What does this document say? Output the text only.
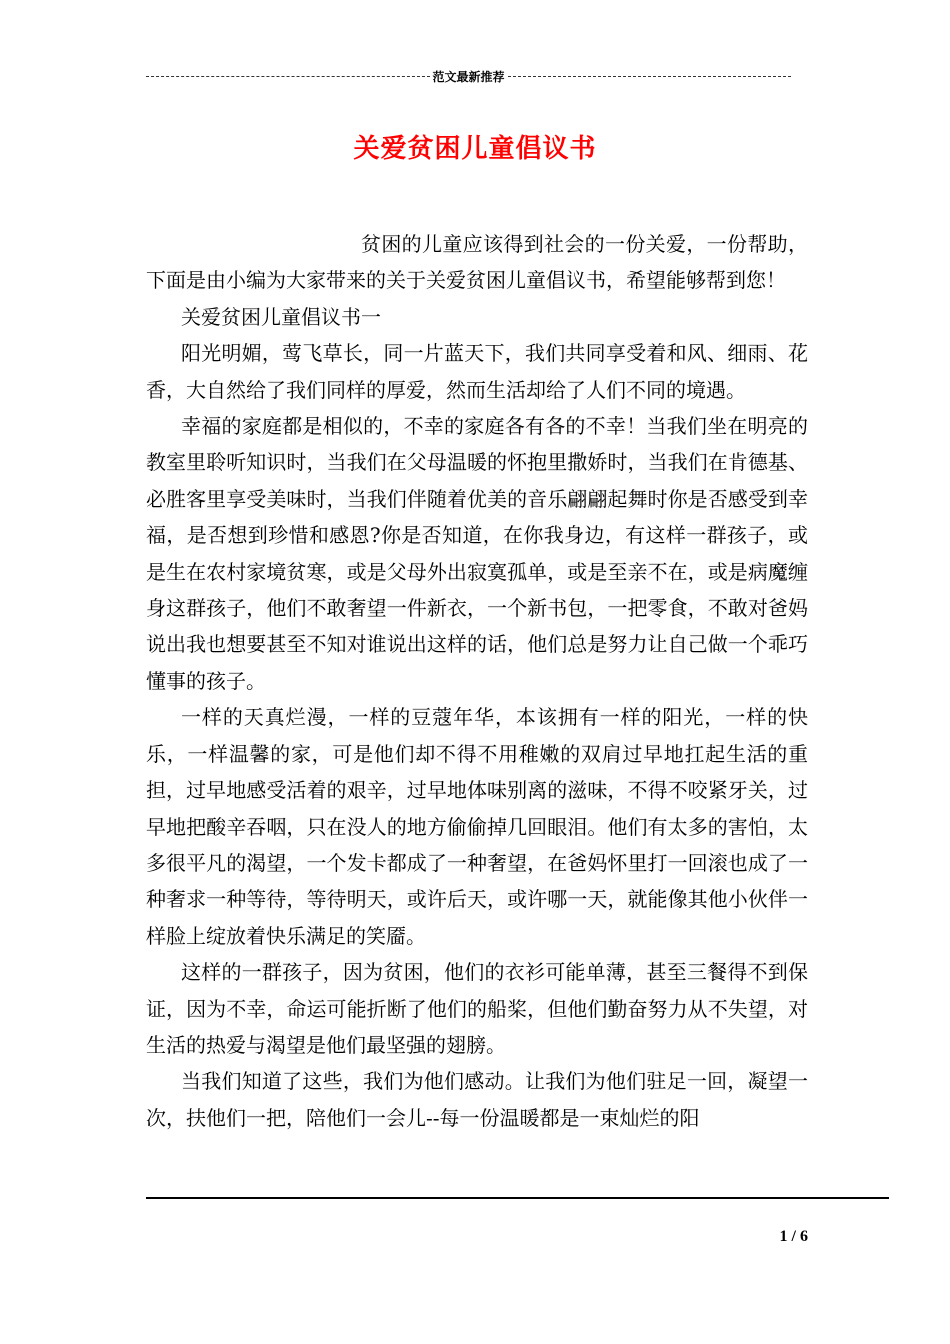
范文最新推荐
关爱贫困儿童倡议书

贫困的儿童应该得到社会的一份关爱，一份帮助，下面是由小编为大家带来的关于关爱贫困儿童倡议书，希望能够帮到您！

关爱贫困儿童倡议书一

阳光明媚，莺飞草长，同一片蓝天下，我们共同享受着和风、细雨、花香，大自然给了我们同样的厚爱，然而生活却给了人们不同的境遇。

幸福的家庭都是相似的，不幸的家庭各有各的不幸！当我们坐在明亮的教室里聆听知识时，当我们在父母温暖的怀抱里撒娇时，当我们在肯德基、必胜客里享受美味时，当我们伴随着优美的音乐翩翩起舞时你是否感受到幸福，是否想到珍惜和感恩?你是否知道，在你我身边，有这样一群孩子，或是生在农村家境贫寒，或是父母外出寂寞孤单，或是至亲不在，或是病魔缠身这群孩子，他们不敢奢望一件新衣，一个新书包，一把零食，不敢对爸妈说出我也想要甚至不知对谁说出这样的话，他们总是努力让自己做一个乖巧懂事的孩子。

一样的天真烂漫，一样的豆蔻年华，本该拥有一样的阳光，一样的快乐，一样温馨的家，可是他们却不得不用稚嫩的双肩过早地扛起生活的重担，过早地感受活着的艰辛，过早地体味别离的滋味，不得不咬紧牙关，过早地把酸辛吞咽，只在没人的地方偷偷掉几回眼泪。他们有太多的害怕，太多很平凡的渴望，一个发卡都成了一种奢望，在爸妈怀里打一回滚也成了一种奢求一种等待，等待明天，或许后天，或许哪一天，就能像其他小伙伴一样脸上绽放着快乐满足的笑靥。

这样的一群孩子，因为贫困，他们的衣衫可能单薄，甚至三餐得不到保证，因为不幸，命运可能折断了他们的船桨，但他们勤奋努力从不失望，对生活的热爱与渴望是他们最坚强的翅膀。

当我们知道了这些，我们为他们感动。让我们为他们驻足一回，凝望一次，扶他们一把，陪他们一会儿--每一份温暖都是一束灿烂的阳

1 / 6
